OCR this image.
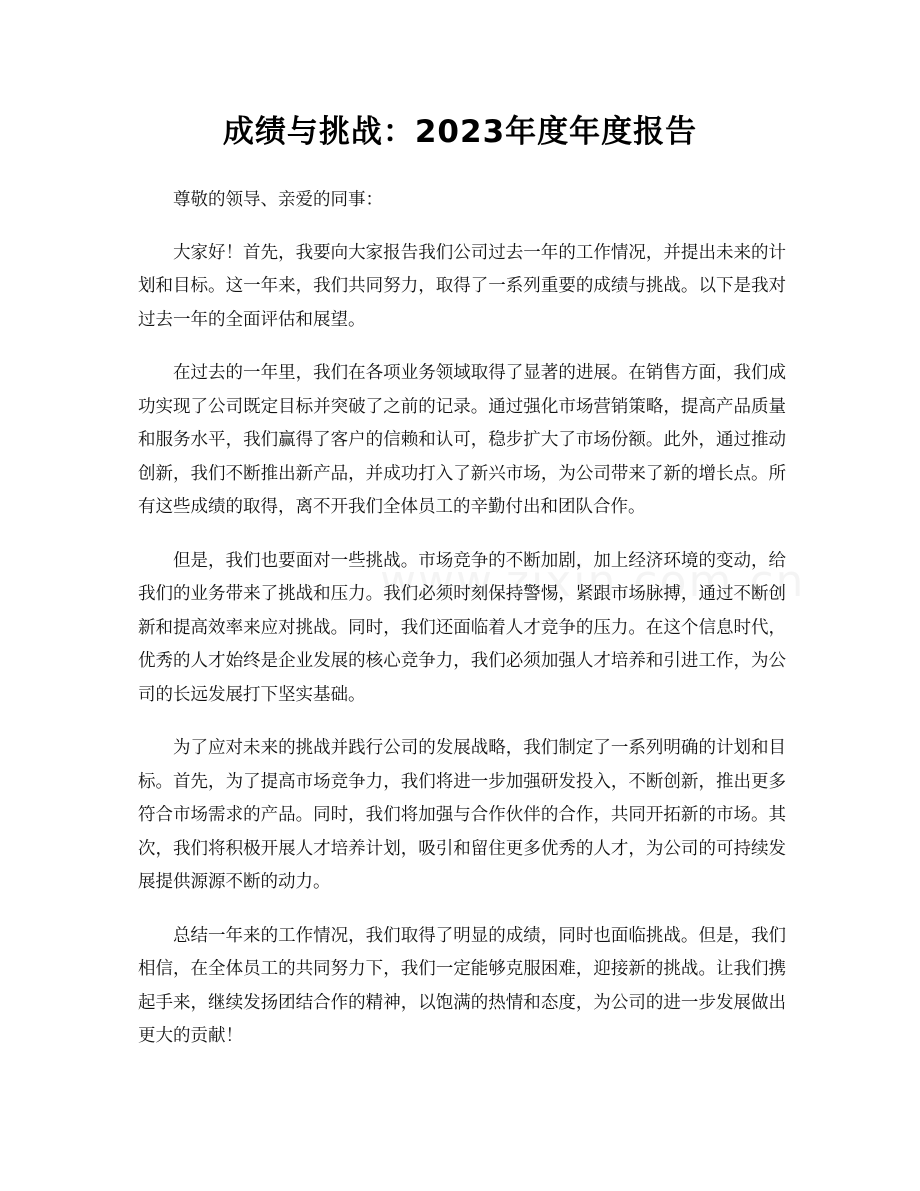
成绩与挑战：2023年度年度报告

尊敬的领导、亲爱的同事：

大家好！首先，我要向大家报告我们公司过去一年的工作情况，并提出未来的计划和目标。这一年来，我们共同努力，取得了一系列重要的成绩与挑战。以下是我对过去一年的全面评估和展望。

在过去的一年里，我们在各项业务领域取得了显著的进展。在销售方面，我们成功实现了公司既定目标并突破了之前的记录。通过强化市场营销策略，提高产品质量和服务水平，我们赢得了客户的信赖和认可，稳步扩大了市场份额。此外，通过推动创新，我们不断推出新产品，并成功打入了新兴市场，为公司带来了新的增长点。所有这些成绩的取得，离不开我们全体员工的辛勤付出和团队合作。

但是，我们也要面对一些挑战。市场竞争的不断加剧，加上经济环境的变动，给我们的业务带来了挑战和压力。我们必须时刻保持警惕，紧跟市场脉搏，通过不断创新和提高效率来应对挑战。同时，我们还面临着人才竞争的压力。在这个信息时代，优秀的人才始终是企业发展的核心竞争力，我们必须加强人才培养和引进工作，为公司的长远发展打下坚实基础。

为了应对未来的挑战并践行公司的发展战略，我们制定了一系列明确的计划和目标。首先，为了提高市场竞争力，我们将进一步加强研发投入，不断创新，推出更多符合市场需求的产品。同时，我们将加强与合作伙伴的合作，共同开拓新的市场。其次，我们将积极开展人才培养计划，吸引和留住更多优秀的人才，为公司的可持续发展提供源源不断的动力。

总结一年来的工作情况，我们取得了明显的成绩，同时也面临挑战。但是，我们相信，在全体员工的共同努力下，我们一定能够克服困难，迎接新的挑战。让我们携起手来，继续发扬团结合作的精神，以饱满的热情和态度，为公司的进一步发展做出更大的贡献！
